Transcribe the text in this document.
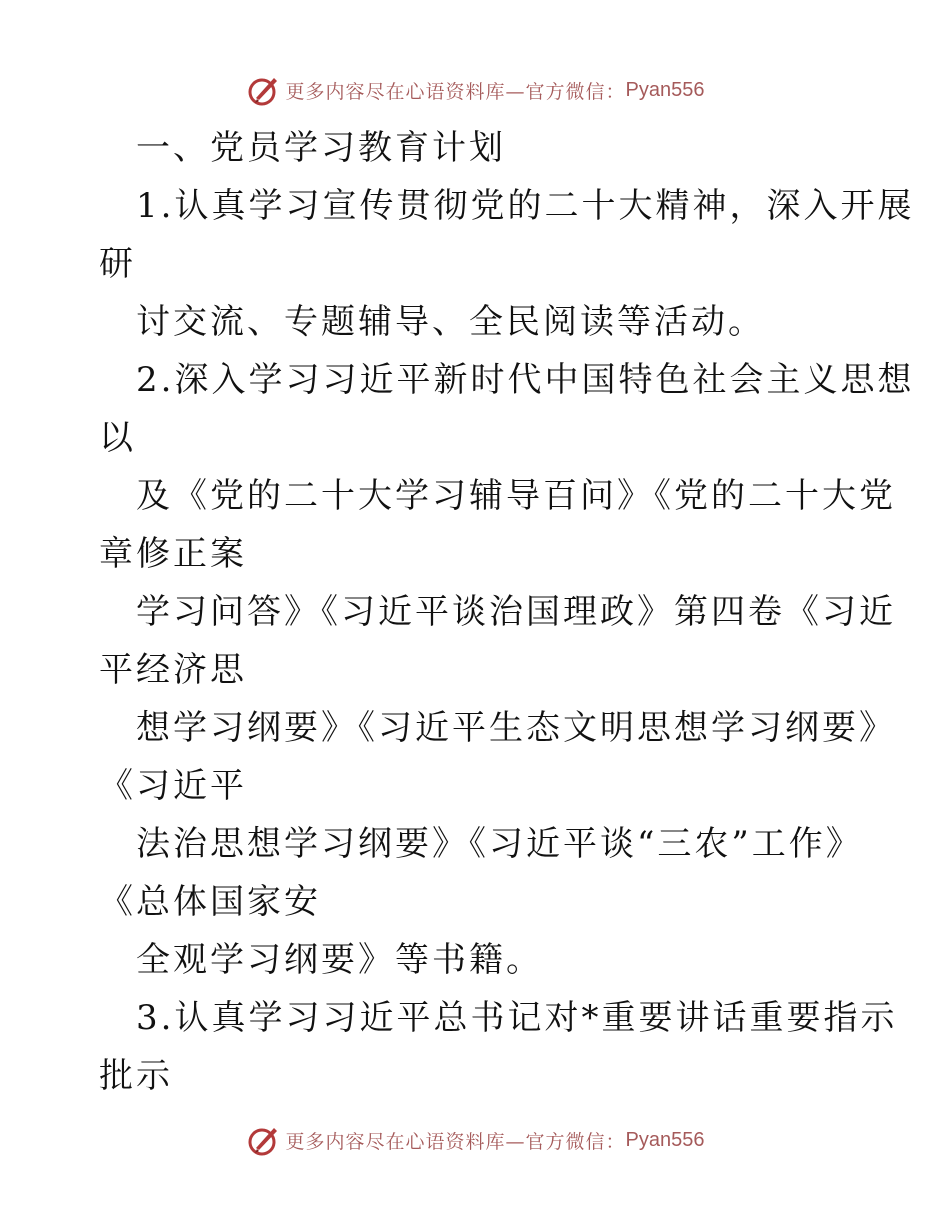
更多内容尽在心语资料库—官方微信： Pyan556
一、党员学习教育计划
1.认真学习宣传贯彻党的二十大精神，深入开展
研
讨交流、专题辅导、全民阅读等活动。
2.深入学习习近平新时代中国特色社会主义思想
以
及《党的二十大学习辅导百问》《党的二十大党
章修正案
学习问答》《习近平谈治国理政》第四卷《习近
平经济思
想学习纲要》《习近平生态文明思想学习纲要》
《习近平
法治思想学习纲要》《习近平谈“三农”工作》
《总体国家安
全观学习纲要》等书籍。
3.认真学习习近平总书记对*重要讲话重要指示
批示
更多内容尽在心语资料库—官方微信： Pyan556
